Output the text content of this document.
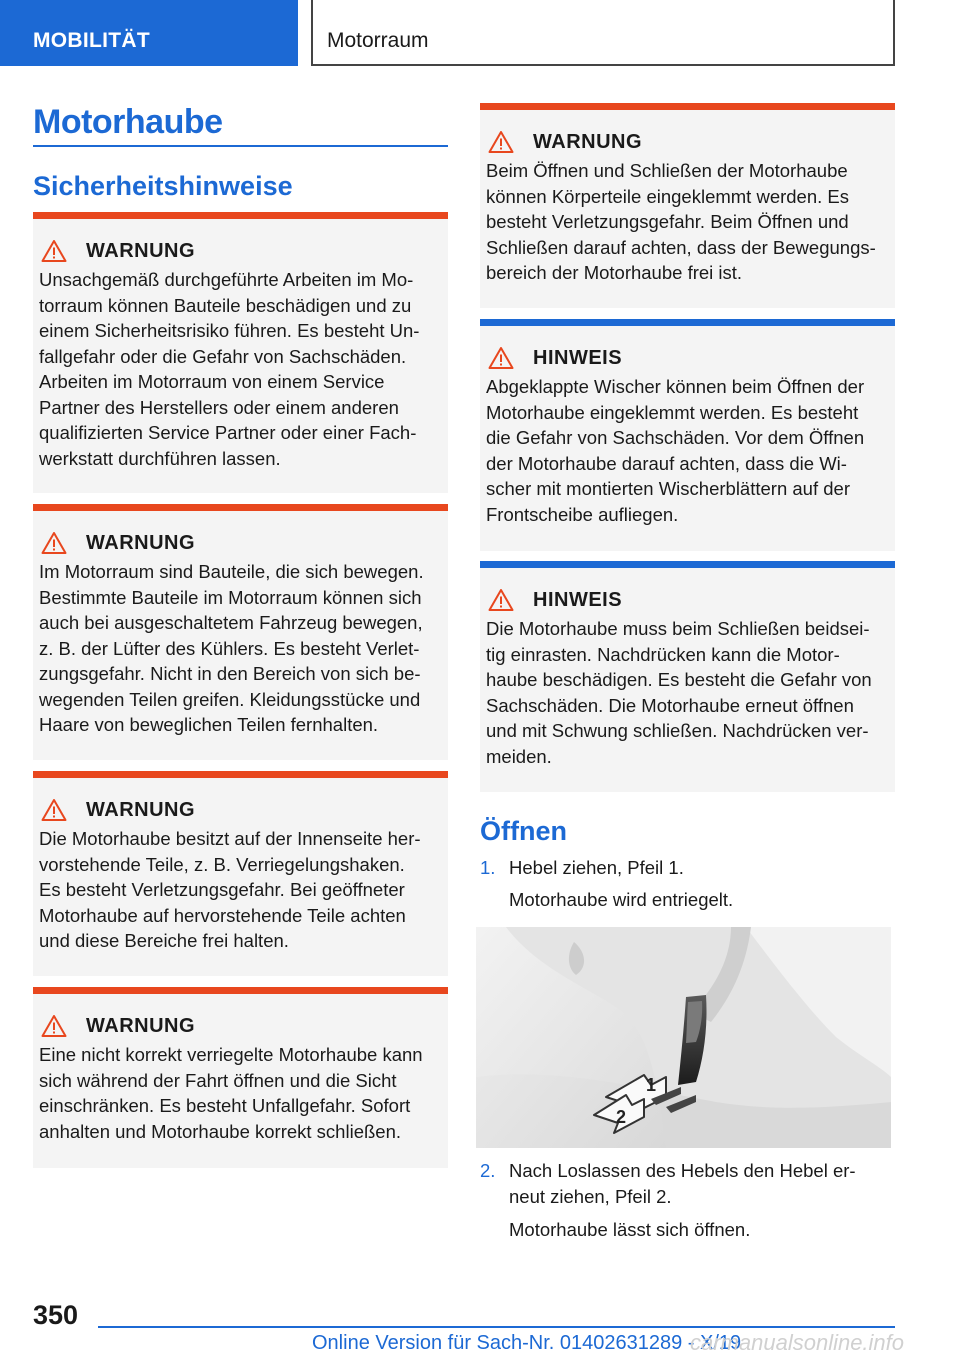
MOBILITÄT	Motorraum
Motorhaube
Sicherheitshinweise
WARNUNG
Unsachgemäß durchgeführte Arbeiten im Mo-
torraum können Bauteile beschädigen und zu
einem Sicherheitsrisiko führen. Es besteht Un-
fallgefahr oder die Gefahr von Sachschäden.
Arbeiten im Motorraum von einem Service
Partner des Herstellers oder einem anderen
qualifizierten Service Partner oder einer Fach-
werkstatt durchführen lassen.
WARNUNG
Im Motorraum sind Bauteile, die sich bewegen.
Bestimmte Bauteile im Motorraum können sich
auch bei ausgeschaltetem Fahrzeug bewegen,
z. B. der Lüfter des Kühlers. Es besteht Verlet-
zungsgefahr. Nicht in den Bereich von sich be-
wegenden Teilen greifen. Kleidungsstücke und
Haare von beweglichen Teilen fernhalten.
WARNUNG
Die Motorhaube besitzt auf der Innenseite her-
vorstehende Teile, z. B. Verriegelungshaken.
Es besteht Verletzungsgefahr. Bei geöffneter
Motorhaube auf hervorstehende Teile achten
und diese Bereiche frei halten.
WARNUNG
Eine nicht korrekt verriegelte Motorhaube kann
sich während der Fahrt öffnen und die Sicht
einschränken. Es besteht Unfallgefahr. Sofort
anhalten und Motorhaube korrekt schließen.
WARNUNG
Beim Öffnen und Schließen der Motorhaube
können Körperteile eingeklemmt werden. Es
besteht Verletzungsgefahr. Beim Öffnen und
Schließen darauf achten, dass der Bewegungs-
bereich der Motorhaube frei ist.
HINWEIS
Abgeklappte Wischer können beim Öffnen der
Motorhaube eingeklemmt werden. Es besteht
die Gefahr von Sachschäden. Vor dem Öffnen
der Motorhaube darauf achten, dass die Wi-
scher mit montierten Wischerblättern auf der
Frontscheibe aufliegen.
HINWEIS
Die Motorhaube muss beim Schließen beidsei-
tig einrasten. Nachdrücken kann die Motor-
haube beschädigen. Es besteht die Gefahr von
Sachschäden. Die Motorhaube erneut öffnen
und mit Schwung schließen. Nachdrücken ver-
meiden.
Öffnen
1. Hebel ziehen, Pfeil 1.
Motorhaube wird entriegelt.
1
2
2. Nach Loslassen des Hebels den Hebel er-
neut ziehen, Pfeil 2.
Motorhaube lässt sich öffnen.
350
Online Version für Sach-Nr. 01402631289 - X/19
carmanualsonline.info
